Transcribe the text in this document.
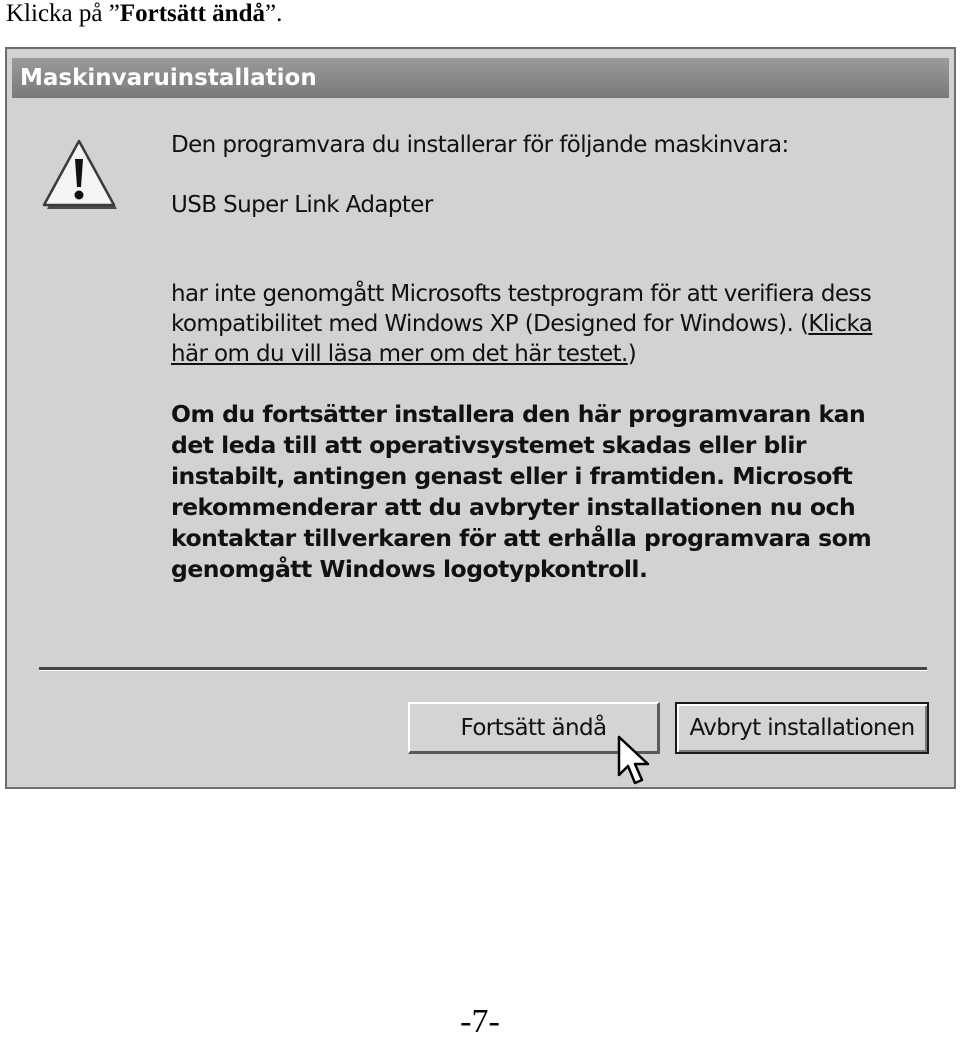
Klicka på ”Fortsätt ändå”.
Maskinvaruinstallation
Den programvara du installerar för följande maskinvara:
USB Super Link Adapter
har inte genomgått Microsofts testprogram för att verifiera dess
kompatibilitet med Windows XP (Designed for Windows). (Klicka
här om du vill läsa mer om det här testet.)
Om du fortsätter installera den här programvaran kan
det leda till att operativsystemet skadas eller blir
instabilt, antingen genast eller i framtiden. Microsoft
rekommenderar att du avbryter installationen nu och
kontaktar tillverkaren för att erhålla programvara som
genomgått Windows logotypkontroll.
Fortsätt ändå	Avbryt installationen
-7-
